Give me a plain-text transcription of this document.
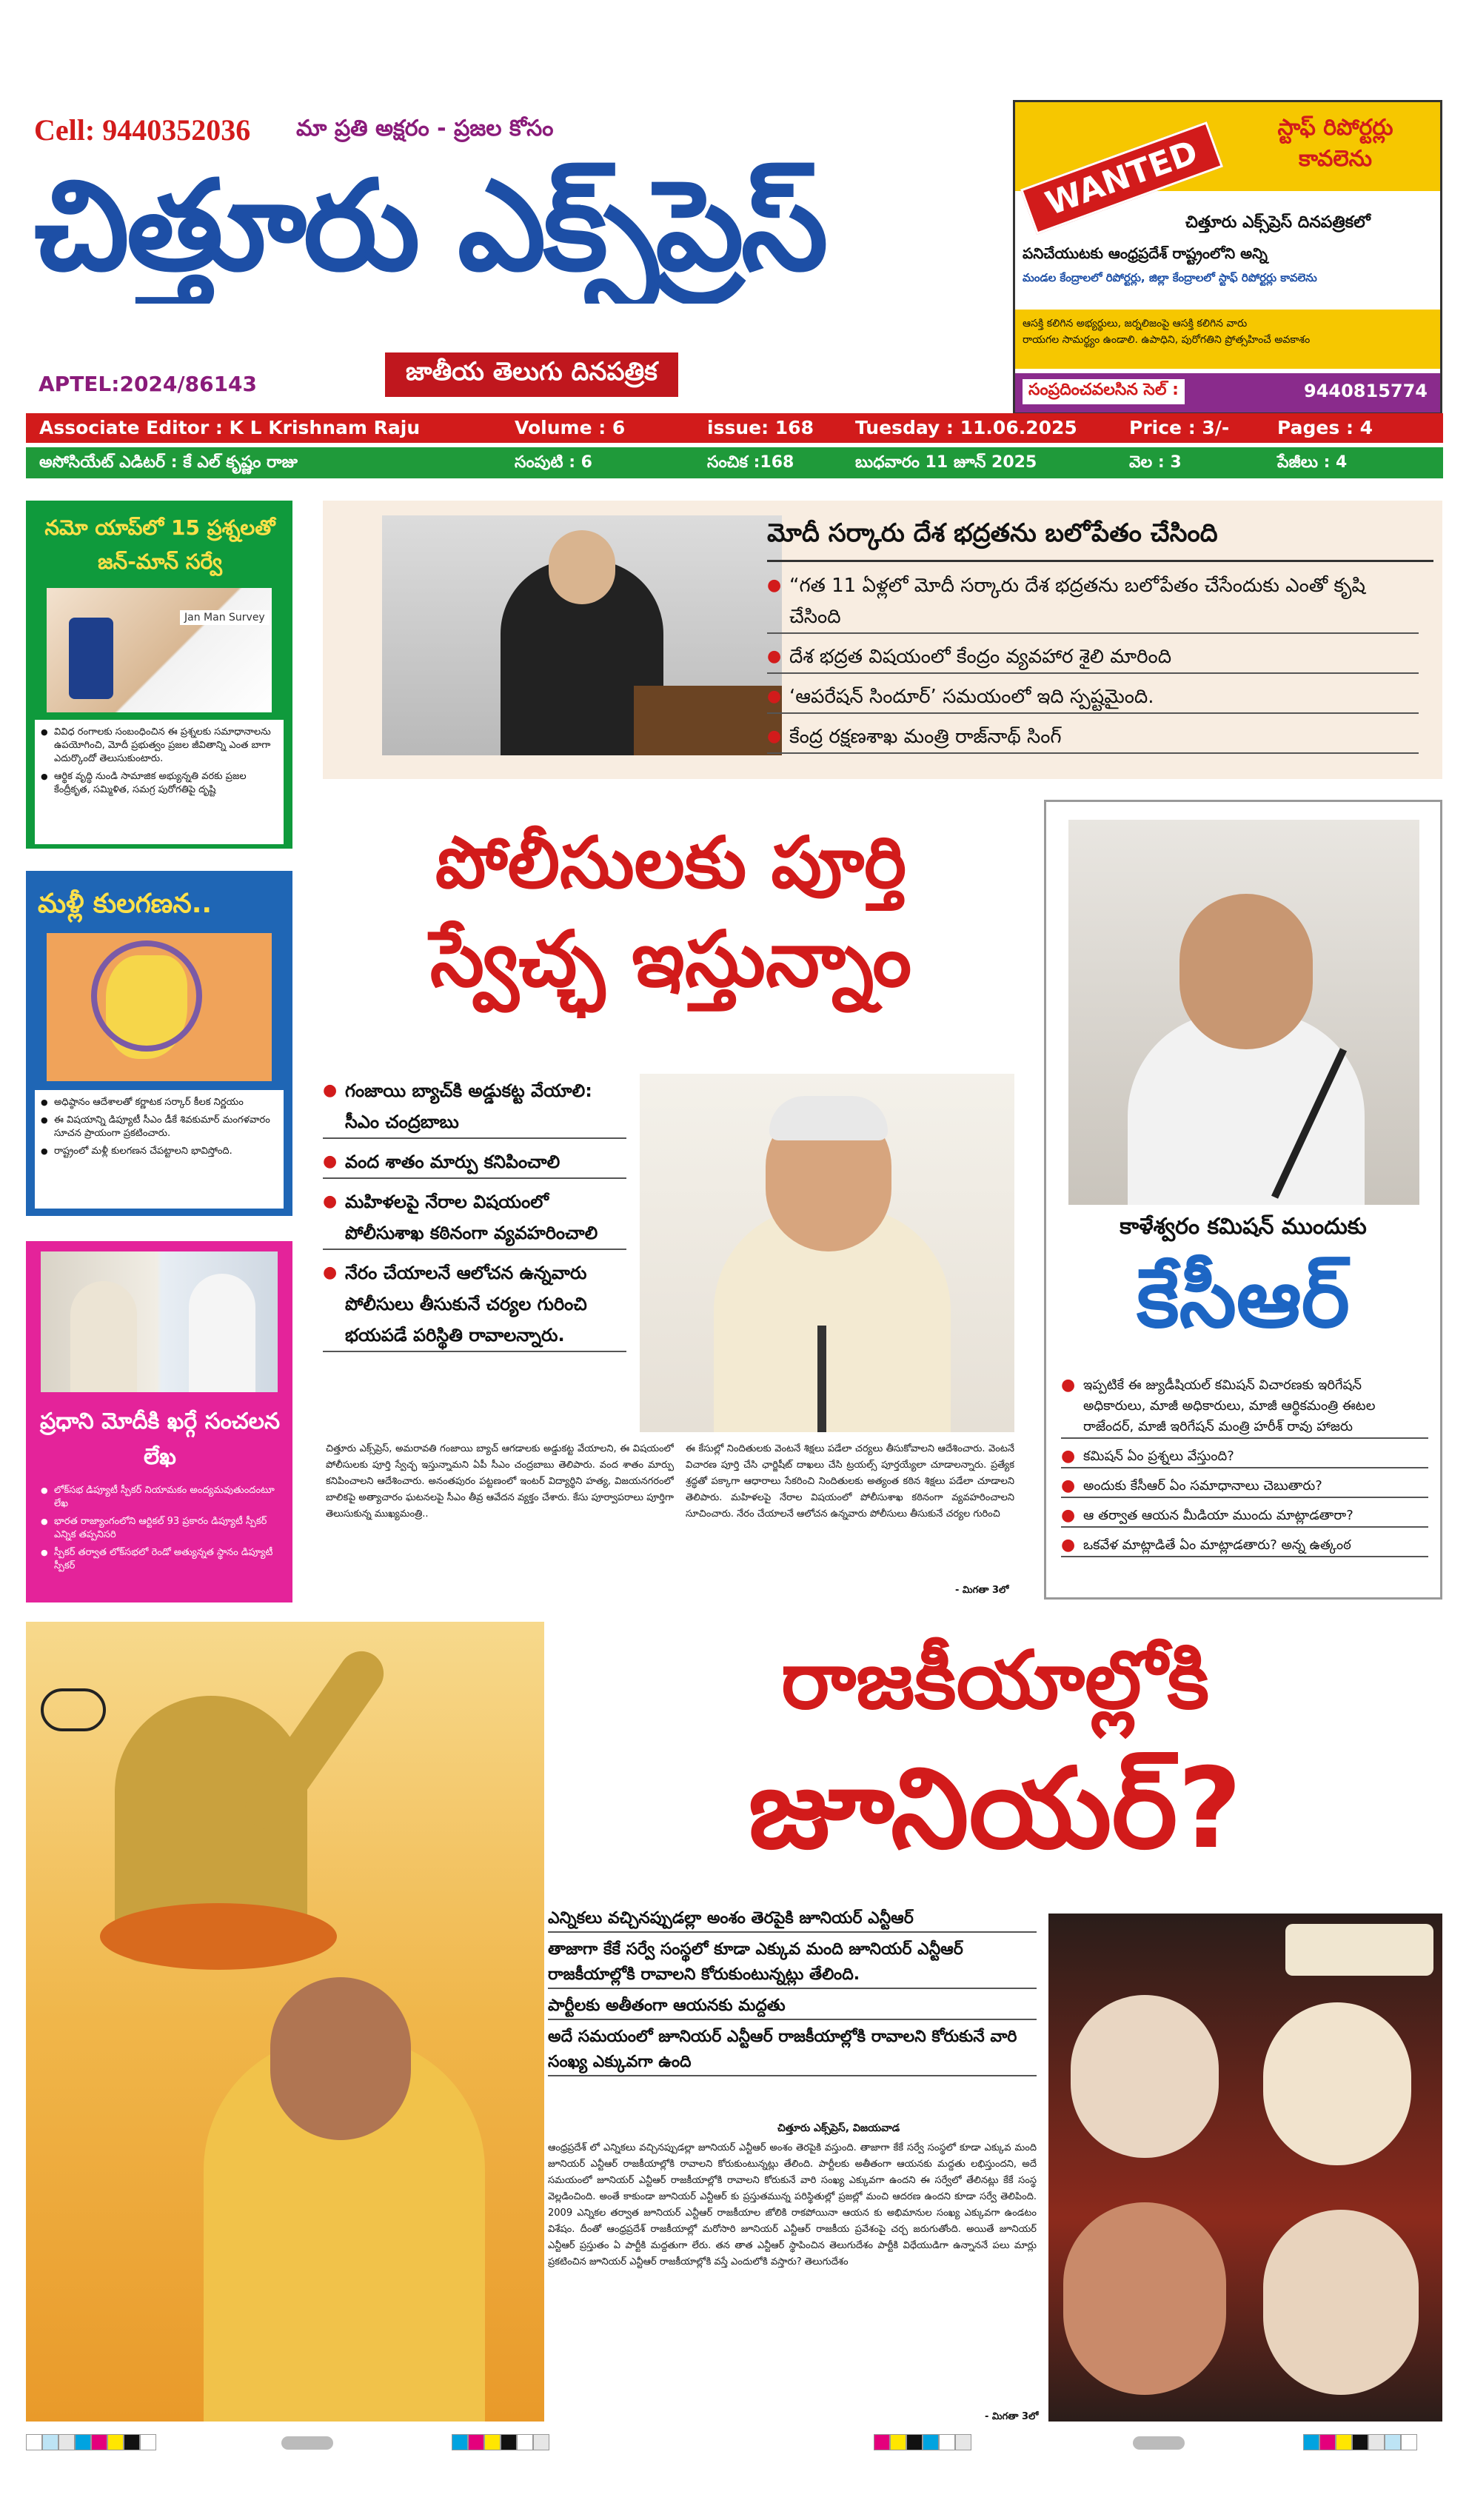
Cell: 9440352036 మా ప్రతి అక్షరం - ప్రజల కోసం
చిత్తూరు ఎక్స్‌ప్రెస్
APTEL:2024/86143	జాతీయ తెలుగు దినపత్రిక
WANTED
స్టాఫ్ రిపోర్టర్లు కావలెను
చిత్తూరు ఎక్స్‌ప్రెస్ దినపత్రికలో
పనిచేయుటకు ఆంధ్రప్రదేశ్ రాష్ట్రంలోని అన్ని
మండల కేంద్రాలలో రిపోర్టర్లు, జిల్లా కేంద్రాలలో స్టాఫ్ రిపోర్టర్లు కావలెను
ఆసక్తి కలిగిన అభ్యర్థులు, జర్నలిజంపై ఆసక్తి కలిగిన వారు
రాయగల సామర్థ్యం ఉండాలి. ఉపాధిని, పురోగతిని ప్రోత్సహించే అవకాశం
సంప్రదించవలసిన సెల్ :	9440815774
Associate Editor : K L Krishnam Raju	Volume : 6	issue: 168 Tuesday : 11.06.2025	Price : 3/-	Pages : 4
అసోసియేట్ ఎడిటర్ : కే ఎల్ కృష్ణం రాజు	సంపుటి : 6	సంచిక :168	బుధవారం 11 జూన్ 2025	వెల : 3	పేజీలు : 4
నమో యాప్‌లో 15 ప్రశ్నలతో జన్-మాన్ సర్వే
Jan Man Survey
● వివిధ రంగాలకు సంబంధించిన ఈ ప్రశ్నలకు సమాధానాలను ఉపయోగించి, మోదీ ప్రభుత్వం ప్రజల జీవితాన్ని ఎంత బాగా ఎదుర్కొందో తెలుసుకుంటారు.
● ఆర్థిక వృద్ధి నుండి సామాజిక అభ్యున్నతి వరకు ప్రజల కేంద్రీకృత, సమ్మిళిత, సమగ్ర పురోగతిపై దృష్టి
మళ్లీ కులగణన..
● అధిష్ఠానం ఆదేశాలతో కర్ణాటక సర్కార్ కీలక నిర్ణయం
● ఈ విషయాన్ని డిప్యూటీ సీఎం డీకే శివకుమార్ మంగళవారం సూచన ప్రాయంగా ప్రకటించారు.
● రాష్ట్రంలో మళ్లీ కులగణన చేపట్టాలని భావిస్తోంది.
ప్రధాని మోదీకి ఖర్గే సంచలన లేఖ
● లోక్‌సభ డిప్యూటీ స్పీకర్ నియామకం అంద్యమవుతుందంటూ లేఖ
● భారత రాజ్యాంగంలోని ఆర్టికల్ 93 ప్రకారం డిప్యూటీ స్పీకర్ ఎన్నిక తప్పనిసరి
● స్పీకర్ తర్వాత లోక్‌సభలో రెండో అత్యున్నత స్థానం డిప్యూటీ స్పీకర్
మోదీ సర్కారు దేశ భద్రతను బలోపేతం చేసింది
● “గత 11 ఏళ్లలో మోదీ సర్కారు దేశ భద్రతను బలోపేతం చేసేందుకు ఎంతో కృషి చేసింది
● దేశ భద్రత విషయంలో కేంద్రం వ్యవహార శైలి మారింది
● ‘ఆపరేషన్ సిందూర్’ సమయంలో ఇది స్పష్టమైంది.
● కేంద్ర రక్షణశాఖ మంత్రి రాజ్‌నాథ్ సింగ్
పోలీసులకు పూర్తి
స్వేచ్ఛ ఇస్తున్నాం
● గంజాయి బ్యాచ్‌కి అడ్డుకట్ట వేయాలి: సీఎం చంద్రబాబు
● వంద శాతం మార్పు కనిపించాలి
● మహిళలపై నేరాల విషయంలో పోలీసుశాఖ కఠినంగా వ్యవహరించాలి
● నేరం చేయాలనే ఆలోచన ఉన్నవారు పోలీసులు తీసుకునే చర్యల గురించి భయపడే పరిస్థితి రావాలన్నారు.
చిత్తూరు ఎక్స్‌ప్రెస్, అమరావతి గంజాయి బ్యాచ్ ఆగడాలకు అడ్డుకట్ట వేయాలని, ఈ విషయంలో పోలీసులకు పూర్తి స్వేచ్ఛ ఇస్తున్నామని ఏపీ సీఎం చంద్రబాబు తెలిపారు. వంద శాతం మార్పు కనిపించాలని ఆదేశించారు. అనంతపురం పట్టణంలో ఇంటర్ విద్యార్థిని హత్య, విజయనగరంలో బాలికపై అత్యాచారం ఘటనలపై సీఎం తీవ్ర ఆవేదన వ్యక్తం చేశారు. కేసు పూర్వాపరాలు పూర్తిగా తెలుసుకున్న ముఖ్యమంత్రి..
ఈ కేసుల్లో నిందితులకు వెంటనే శిక్షలు పడేలా చర్యలు తీసుకోవాలని ఆదేశించారు. వెంటనే విచారణ పూర్తి చేసి ఛార్జిషీట్ దాఖలు చేసి ట్రయల్స్ పూర్తయ్యేలా చూడాలన్నారు. ప్రత్యేక శ్రద్ధతో పక్కాగా ఆధారాలు సేకరించి నిందితులకు అత్యంత కఠిన శిక్షలు పడేలా చూడాలని తెలిపారు. మహిళలపై నేరాల విషయంలో పోలీసుశాఖ కఠినంగా వ్యవహరించాలని సూచించారు. నేరం చేయాలనే ఆలోచన ఉన్నవారు పోలీసులు తీసుకునే చర్యల గురించి
- మిగతా 3లో
కాళేశ్వరం కమిషన్ ముందుకు
కేసీఆర్
● ఇప్పటికే ఈ జ్యుడీషియల్ కమిషన్ విచారణకు ఇరిగేషన్ అధికారులు, మాజీ అధికారులు, మాజీ ఆర్థికమంత్రి ఈటల రాజేందర్, మాజీ ఇరిగేషన్ మంత్రి హరీశ్ రావు హాజరు
● కమిషన్ ఏం ప్రశ్నలు వేస్తుంది?
● అందుకు కేసీఆర్ ఏం సమాధానాలు చెబుతారు?
● ఆ తర్వాత ఆయన మీడియా ముందు మాట్లాడతారా?
● ఒకవేళ మాట్లాడితే ఏం మాట్లాడతారు? అన్న ఉత్కంఠ
రాజకీయాల్లోకి
జూనియర్?
ఎన్నికలు వచ్చినప్పుడల్లా అంశం తెరపైకి జూనియర్ ఎన్టీఆర్
తాజాగా కేకే సర్వే సంస్థలో కూడా ఎక్కువ మంది జూనియర్ ఎన్టీఆర్ రాజకీయాల్లోకి రావాలని కోరుకుంటున్నట్లు తేలింది.
పార్టీలకు అతీతంగా ఆయనకు మద్దతు
అదే సమయంలో జూనియర్ ఎన్టీఆర్ రాజకీయాల్లోకి రావాలని కోరుకునే వారి సంఖ్య ఎక్కువగా ఉంది
చిత్తూరు ఎక్స్‌ప్రెస్, విజయవాడ
ఆంధ్రప్రదేశ్ లో ఎన్నికలు వచ్చినప్పుడల్లా జూనియర్ ఎన్టీఆర్ అంశం తెరపైకి వస్తుంది. తాజాగా కేకే సర్వే సంస్థలో కూడా ఎక్కువ మంది జూనియర్ ఎన్టీఆర్ రాజకీయాల్లోకి రావాలని కోరుకుంటున్నట్లు తేలింది. పార్టీలకు అతీతంగా ఆయనకు మద్దతు లభిస్తుందని, అదే సమయంలో జూనియర్ ఎన్టీఆర్ రాజకీయాల్లోకి రావాలని కోరుకునే వారి సంఖ్య ఎక్కువగా ఉందని ఈ సర్వేలో తేలినట్లు కేకే సంస్థ వెల్లడించింది. అంతే కాకుండా జూనియర్ ఎన్టీఆర్ కు ప్రస్తుతమున్న పరిస్థితుల్లో ప్రజల్లో మంచి ఆదరణ ఉందని కూడా సర్వే తెలిపింది. 2009 ఎన్నికల తర్వాత జూనియర్ ఎన్టీఆర్ రాజకీయాల జోలికి రాకపోయినా ఆయన కు అభిమానుల సంఖ్య ఎక్కువగా ఉండటం విశేషం. దీంతో ఆంధ్రప్రదేశ్ రాజకీయాల్లో మరోసారి జూనియర్ ఎన్టీఆర్ రాజకీయ ప్రవేశంపై చర్చ జరుగుతోంది. అయితే జూనియర్ ఎన్టీఆర్ ప్రస్తుతం ఏ పార్టీకి మద్దతుగా లేరు. తన తాత ఎన్టీఆర్ స్థాపించిన తెలుగుదేశం పార్టీకి విధేయుడిగా ఉన్నాననే పలు మార్లు ప్రకటించిన జూనియర్ ఎన్టీఆర్ రాజకీయాల్లోకి వస్తే ఎందులోకి వస్తారు? తెలుగుదేశం
- మిగతా 3లో
